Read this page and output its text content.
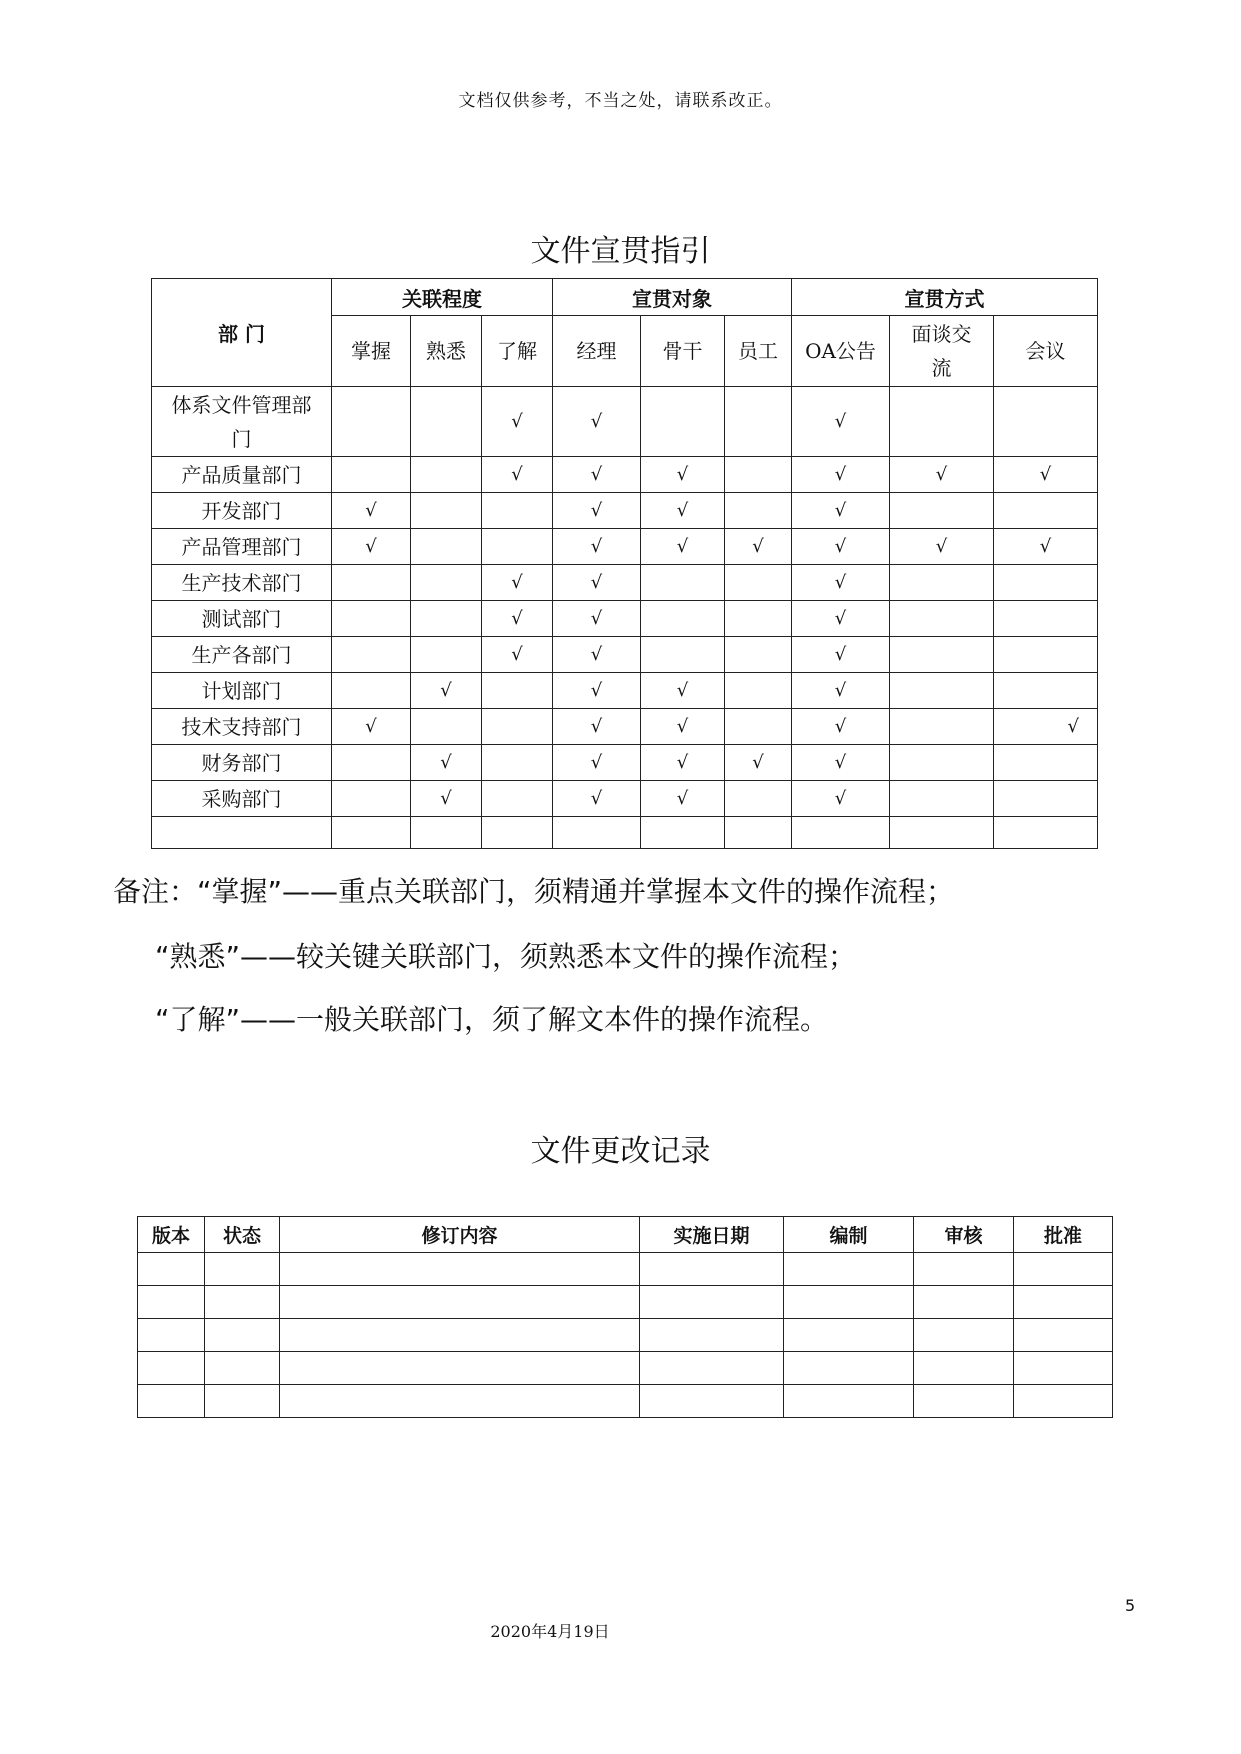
文档仅供参考，不当之处，请联系改正。
文件宣贯指引
部 门	关联程度			宣贯对象			宣贯方式		
	掌握	熟悉	了解	经理	骨干	员工	OA公告	面谈交流	会议
体系文件管理部门			√	√			√		
产品质量部门			√	√	√		√	√	√
开发部门	√			√	√		√		
产品管理部门	√			√	√	√	√	√	√
生产技术部门			√	√			√		
测试部门			√	√			√		
生产各部门			√	√			√		
计划部门		√		√	√		√		
技术支持部门	√			√	√		√		√
财务部门		√		√	√	√	√		
采购部门		√		√	√		√		

备注：“掌握”——重点关联部门，须精通并掌握本文件的操作流程；
“熟悉”——较关键关联部门，须熟悉本文件的操作流程；
“了解”——一般关联部门，须了解文本件的操作流程。
文件更改记录
版本	状态	修订内容	实施日期	编制	审核	批准

5
2020年4月19日
